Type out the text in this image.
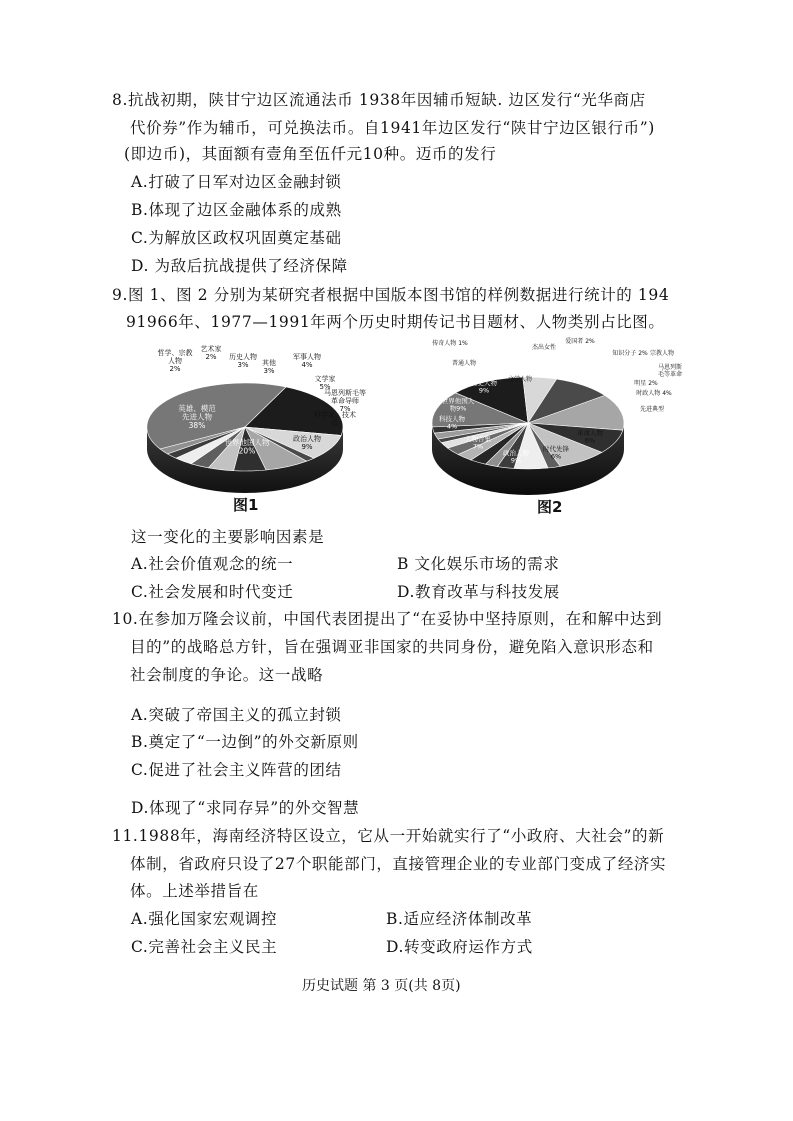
8.抗战初期，陕甘宁边区流通法币 1938年因辅币短缺. 边区发行“光华商店
代价券”作为辅币，可兑换法币。自1941年边区发行“陕甘宁边区银行币”)
(即边币)，其面额有壹角至伍仟元10种。迈币的发行
A.打破了日军对边区金融封锁
B.体现了边区金融体系的成熟
C.为解放区政权巩固奠定基础
D. 为敌后抗战提供了经济保障
9.图 1、图 2 分别为某研究者根据中国版本图书馆的样例数据进行统计的 194
91966年、1977—1991年两个历史时期传记书目题材、人物类别占比图。
英雄、模范先进人物 38%
世界他国人物 20%
政治人物 9%
科学家、技术员
马恩列斯毛等革命导师 7%
文学家 5%
军事人物 4%
其他 3%
历史人物 3%
艺术家 2%
哲学、宗教人物 2%
图1
历史人物 9%
世界他国人物9%
科技人物 4%
人物合集 7%
政治人物 9%
时代先锋 6%
革命人物 6%
先进典型
时政人物 4%
明星 2%
马恩列斯毛等革命
宗教人物
知识分子 2%
爱国者 2%
杰出女性
传奇人物 1%
普通人物
文学人物
图2
这一变化的主要影响因素是
A.社会价值观念的统一	B 文化娱乐市场的需求
C.社会发展和时代变迁	D.教育改革与科技发展
10.在参加万隆会议前，中国代表团提出了“在妥协中坚持原则，在和解中达到
目的”的战略总方针，旨在强调亚非国家的共同身份，避免陷入意识形态和
社会制度的争论。这一战略
A.突破了帝国主义的孤立封锁
B.奠定了“一边倒”的外交新原则
C.促进了社会主义阵营的团结
D.体现了“求同存异”的外交智慧
11.1988年，海南经济特区设立，它从一开始就实行了“小政府、大社会”的新
体制，省政府只设了27个职能部门，直接管理企业的专业部门变成了经济实
体。上述举措旨在
A.强化国家宏观调控	B.适应经济体制改革
C.完善社会主义民主	D.转变政府运作方式
历史试题 第 3 页(共 8页)
